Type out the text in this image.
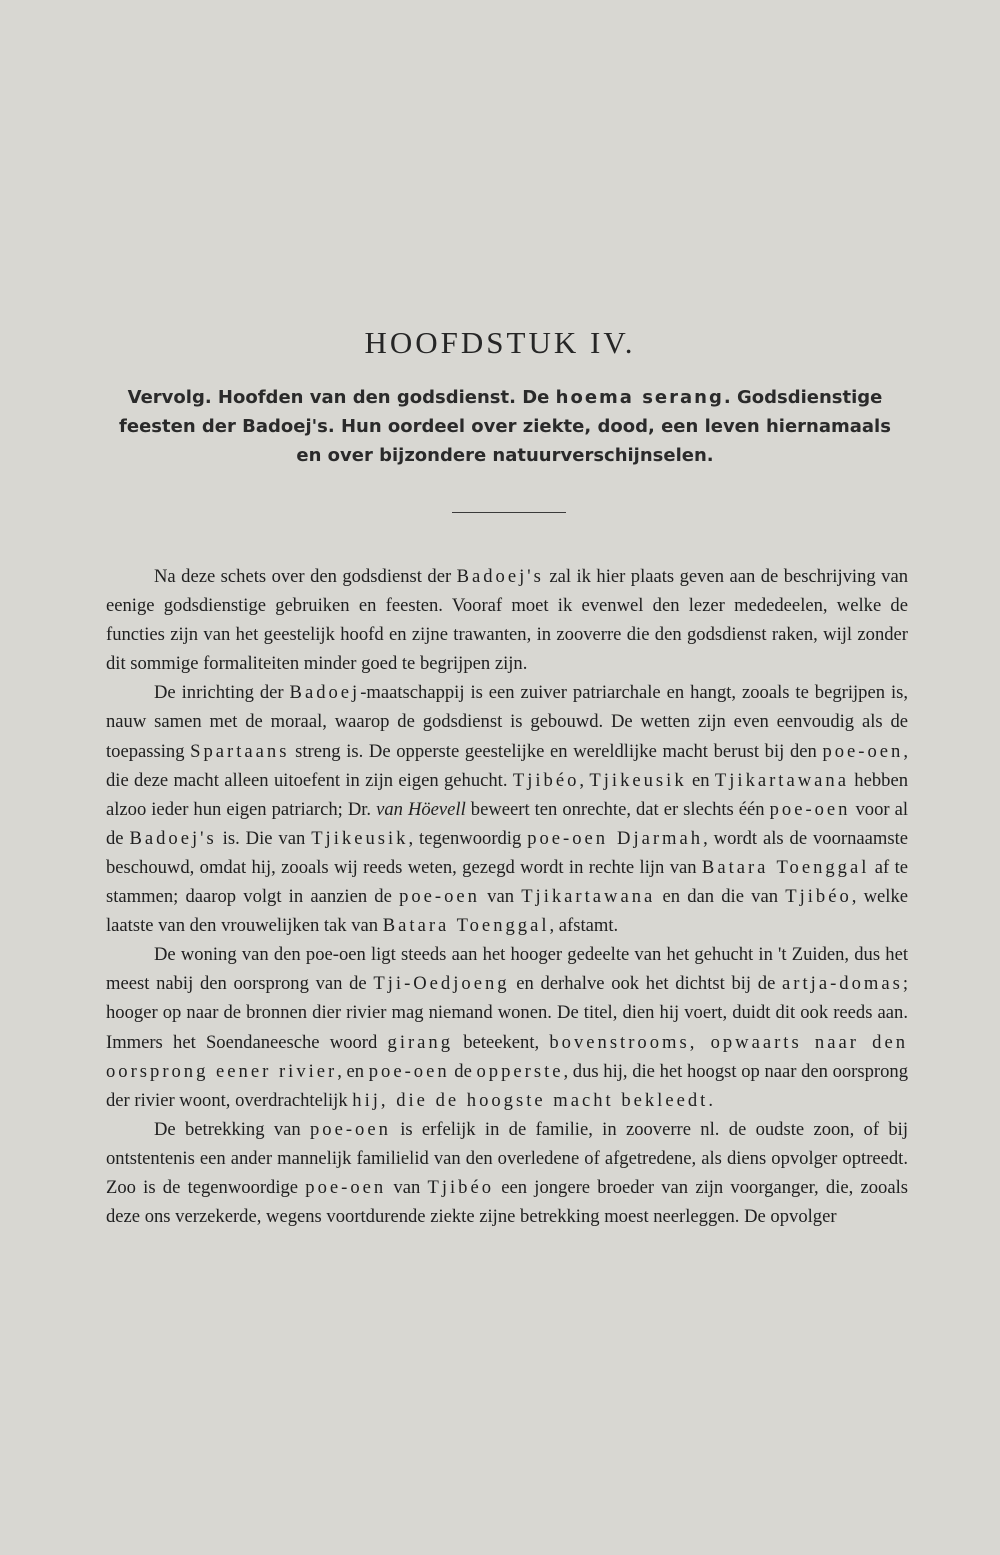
HOOFDSTUK IV.
Vervolg. Hoofden van den godsdienst. De hoema serang. Godsdienstige feesten der Badoej's. Hun oordeel over ziekte, dood, een leven hiernamaals en over bijzondere natuurverschijnselen.

Na deze schets over den godsdienst der Badoej's zal ik hier plaats geven aan de beschrijving van eenige godsdienstige gebruiken en feesten. Vooraf moet ik evenwel den lezer mededeelen, welke de functies zijn van het geestelijk hoofd en zijne trawanten, in zooverre die den godsdienst raken, wijl zonder dit sommige formaliteiten minder goed te begrijpen zijn.

De inrichting der Badoej-maatschappij is een zuiver patriarchale en hangt, zooals te begrijpen is, nauw samen met de moraal, waarop de godsdienst is gebouwd. De wetten zijn even eenvoudig als de toepassing Spartaans streng is. De opperste geestelijke en wereldlijke macht berust bij den poe-oen, die deze macht alleen uitoefent in zijn eigen gehucht. Tjibéo, Tjikeusik en Tjikartawana hebben alzoo ieder hun eigen patriarch; Dr. van Höevell beweert ten onrechte, dat er slechts één poe-oen voor al de Badoej's is. Die van Tjikeusik, tegenwoordig poe-oen Djarmah, wordt als de voornaamste beschouwd, omdat hij, zooals wij reeds weten, gezegd wordt in rechte lijn van Batara Toenggal af te stammen; daarop volgt in aanzien de poe-oen van Tjikartawana en dan die van Tjibéo, welke laatste van den vrouwelijken tak van Batara Toenggal, afstamt.

De woning van den poe-oen ligt steeds aan het hooger gedeelte van het gehucht in 't Zuiden, dus het meest nabij den oorsprong van de Tji-Oedjoeng en derhalve ook het dichtst bij de artja-domas; hooger op naar de bronnen dier rivier mag niemand wonen. De titel, dien hij voert, duidt dit ook reeds aan. Immers het Soendaneesche woord girang beteekent, bovenstrooms, opwaarts naar den oorsprong eener rivier, en poe-oen de opperste, dus hij, die het hoogst op naar den oorsprong der rivier woont, overdrachtelijk hij, die de hoogste macht bekleedt.

De betrekking van poe-oen is erfelijk in de familie, in zooverre nl. de oudste zoon, of bij ontstentenis een ander mannelijk familielid van den overledene of afgetredene, als diens opvolger optreedt. Zoo is de tegenwoordige poe-oen van Tjibéo een jongere broeder van zijn voorganger, die, zooals deze ons verzekerde, wegens voortdurende ziekte zijne betrekking moest neerleggen. De opvolger
